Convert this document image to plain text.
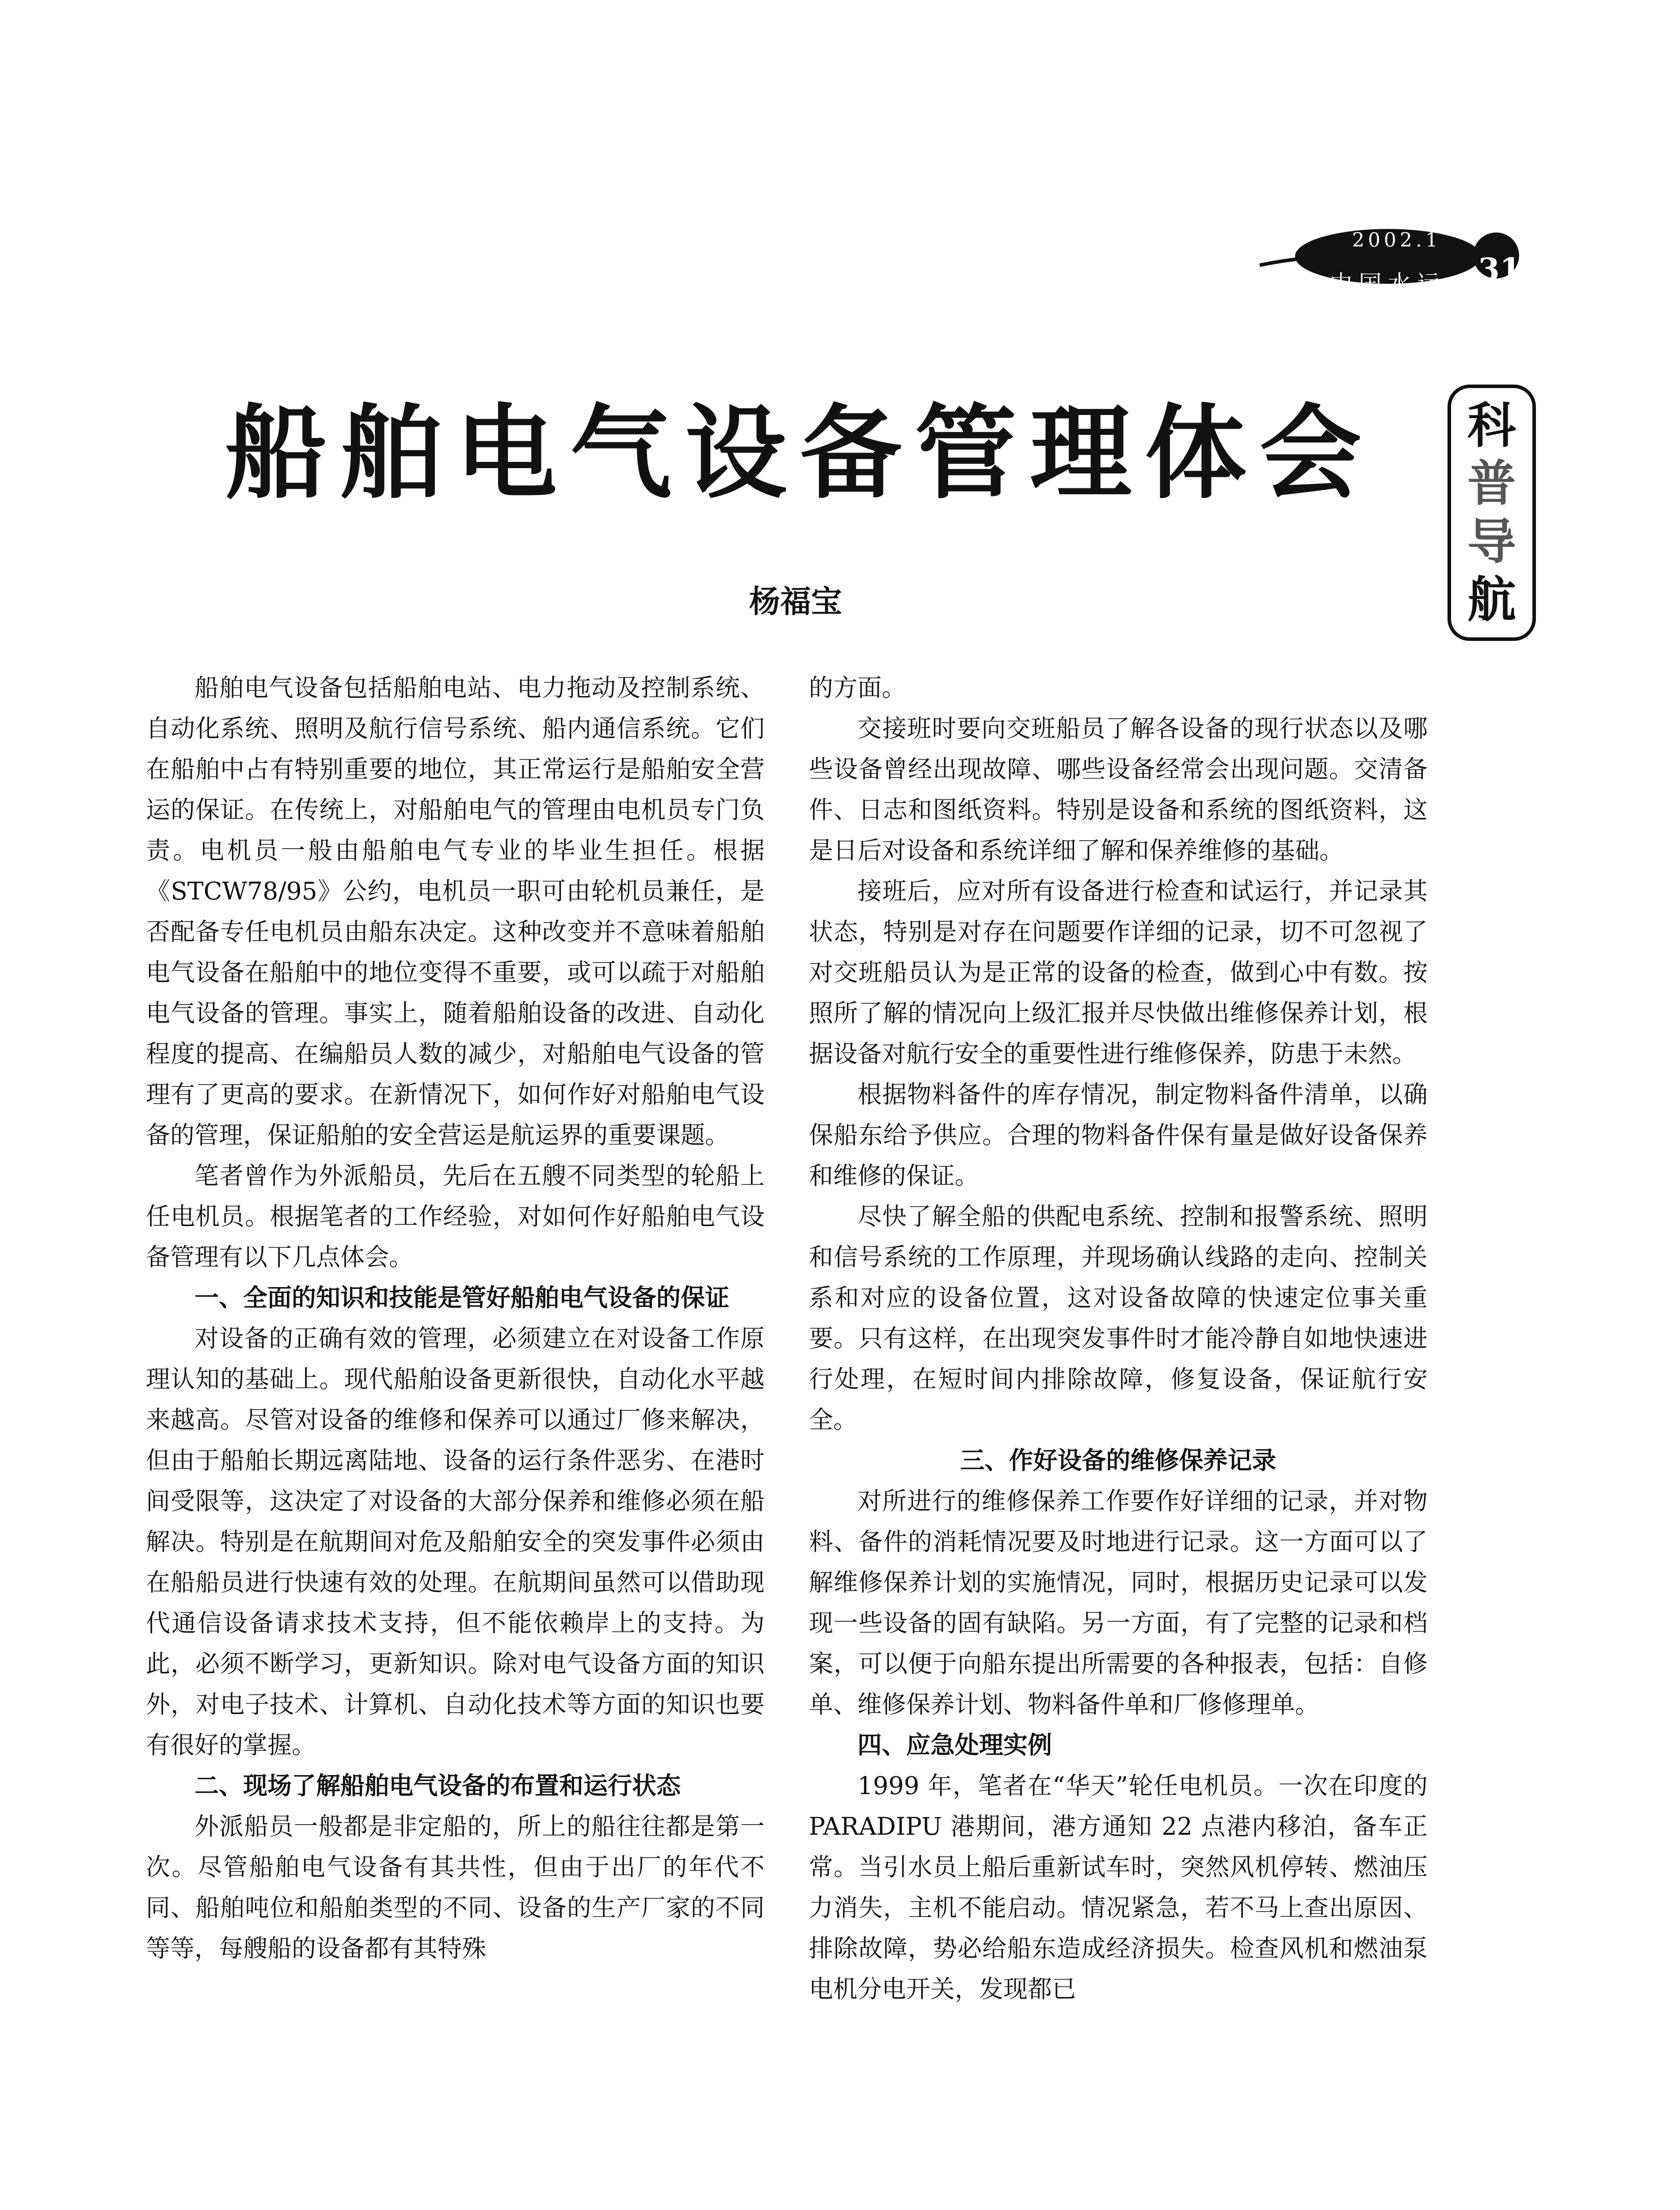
2002.1
中国水运 31
科
普
导
航
船舶电气设备管理体会
杨福宝

船舶电气设备包括船舶电站、电力拖动及控制系统、自动化系统、照明及航行信号系统、船内通信系统。它们在船舶中占有特别重要的地位，其正常运行是船舶安全营运的保证。在传统上，对船舶电气的管理由电机员专门负责。电机员一般由船舶电气专业的毕业生担任。根据《STCW78/95》公约，电机员一职可由轮机员兼任，是否配备专任电机员由船东决定。这种改变并不意味着船舶电气设备在船舶中的地位变得不重要，或可以疏于对船舶电气设备的管理。事实上，随着船舶设备的改进、自动化程度的提高、在编船员人数的减少，对船舶电气设备的管理有了更高的要求。在新情况下，如何作好对船舶电气设备的管理，保证船舶的安全营运是航运界的重要课题。

笔者曾作为外派船员，先后在五艘不同类型的轮船上任电机员。根据笔者的工作经验，对如何作好船舶电气设备管理有以下几点体会。

一、全面的知识和技能是管好船舶电气设备的保证

对设备的正确有效的管理，必须建立在对设备工作原理认知的基础上。现代船舶设备更新很快，自动化水平越来越高。尽管对设备的维修和保养可以通过厂修来解决，但由于船舶长期远离陆地、设备的运行条件恶劣、在港时间受限等，这决定了对设备的大部分保养和维修必须在船解决。特别是在航期间对危及船舶安全的突发事件必须由在船船员进行快速有效的处理。在航期间虽然可以借助现代通信设备请求技术支持，但不能依赖岸上的支持。为此，必须不断学习，更新知识。除对电气设备方面的知识外，对电子技术、计算机、自动化技术等方面的知识也要有很好的掌握。

二、现场了解船舶电气设备的布置和运行状态

外派船员一般都是非定船的，所上的船往往都是第一次。尽管船舶电气设备有其共性，但由于出厂的年代不同、船舶吨位和船舶类型的不同、设备的生产厂家的不同等等，每艘船的设备都有其特殊

的方面。

交接班时要向交班船员了解各设备的现行状态以及哪些设备曾经出现故障、哪些设备经常会出现问题。交清备件、日志和图纸资料。特别是设备和系统的图纸资料，这是日后对设备和系统详细了解和保养维修的基础。

接班后，应对所有设备进行检查和试运行，并记录其状态，特别是对存在问题要作详细的记录，切不可忽视了对交班船员认为是正常的设备的检查，做到心中有数。按照所了解的情况向上级汇报并尽快做出维修保养计划，根据设备对航行安全的重要性进行维修保养，防患于未然。

根据物料备件的库存情况，制定物料备件清单，以确保船东给予供应。合理的物料备件保有量是做好设备保养和维修的保证。

尽快了解全船的供配电系统、控制和报警系统、照明和信号系统的工作原理，并现场确认线路的走向、控制关系和对应的设备位置，这对设备故障的快速定位事关重要。只有这样，在出现突发事件时才能冷静自如地快速进行处理，在短时间内排除故障，修复设备，保证航行安全。

三、作好设备的维修保养记录

对所进行的维修保养工作要作好详细的记录，并对物料、备件的消耗情况要及时地进行记录。这一方面可以了解维修保养计划的实施情况，同时，根据历史记录可以发现一些设备的固有缺陷。另一方面，有了完整的记录和档案，可以便于向船东提出所需要的各种报表，包括：自修单、维修保养计划、物料备件单和厂修修理单。

四、应急处理实例

1999 年，笔者在“华天”轮任电机员。一次在印度的 PARADIPU 港期间，港方通知 22 点港内移泊，备车正常。当引水员上船后重新试车时，突然风机停转、燃油压力消失，主机不能启动。情况紧急，若不马上查出原因、排除故障，势必给船东造成经济损失。检查风机和燃油泵电机分电开关，发现都已
